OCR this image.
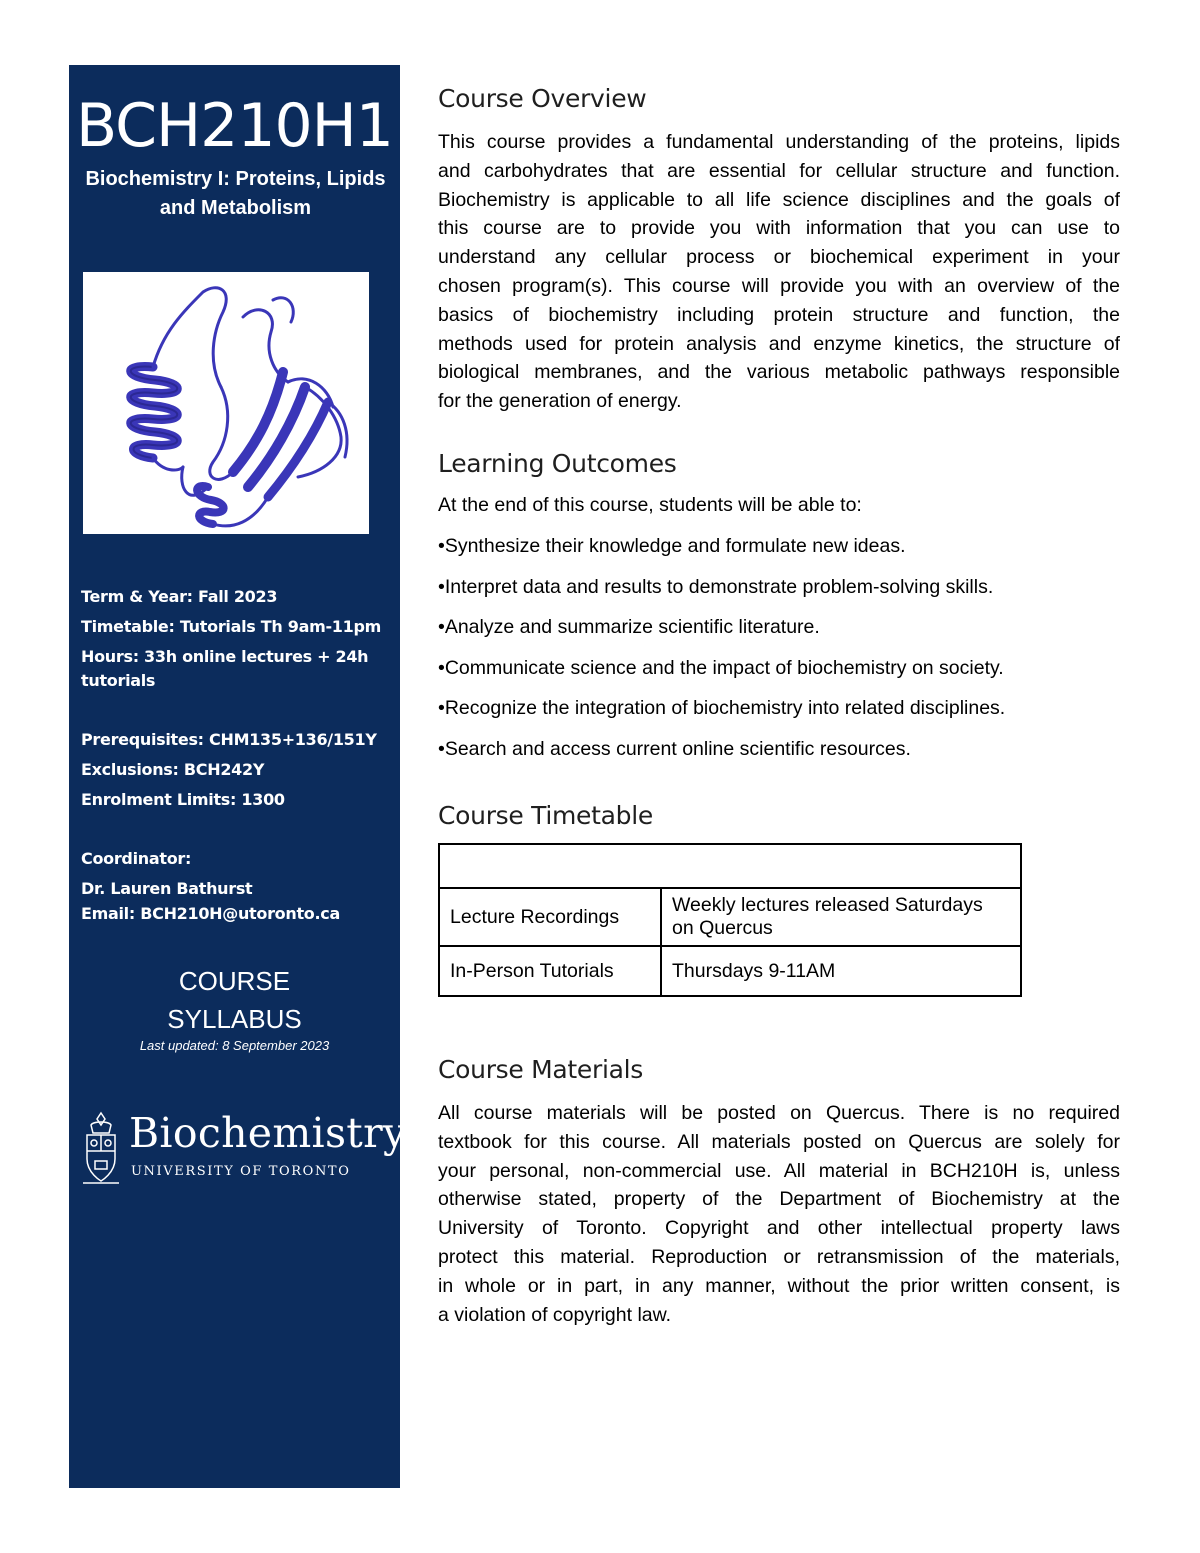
BCH210H1
Biochemistry I: Proteins, Lipids
and Metabolism
Term & Year: Fall 2023
Timetable: Tutorials Th 9am-11pm
Hours: 33h online lectures + 24h
tutorials
Prerequisites: CHM135+136/151Y
Exclusions: BCH242Y
Enrolment Limits: 1300
Coordinator:
Dr. Lauren Bathurst
Email: BCH210H@utoronto.ca
COURSE
SYLLABUS
Last updated: 8 September 2023
Biochemistry
UNIVERSITY OF TORONTO
Course Overview
This course provides a fundamental understanding of the proteins, lipids
and carbohydrates that are essential for cellular structure and function.
Biochemistry is applicable to all life science disciplines and the goals of
this course are to provide you with information that you can use to
understand any cellular process or biochemical experiment in your
chosen program(s). This course will provide you with an overview of the
basics of biochemistry including protein structure and function, the
methods used for protein analysis and enzyme kinetics, the structure of
biological membranes, and the various metabolic pathways responsible
for the generation of energy.
Learning Outcomes

At the end of this course, students will be able to:

•Synthesize their knowledge and formulate new ideas.

•Interpret data and results to demonstrate problem-solving skills.

•Analyze and summarize scientific literature.

•Communicate science and the impact of biochemistry on society.

•Recognize the integration of biochemistry into related disciplines.

•Search and access current online scientific resources.

Course Timetable

Lecture Recordings	Weekly lectures released Saturdays
on Quercus
In-Person Tutorials	Thursdays 9-11AM
Course Materials
All course materials will be posted on Quercus. There is no required
textbook for this course. All materials posted on Quercus are solely for
your personal, non-commercial use. All material in BCH210H is, unless
otherwise stated, property of the Department of Biochemistry at the
University of Toronto. Copyright and other intellectual property laws
protect this material. Reproduction or retransmission of the materials,
in whole or in part, in any manner, without the prior written consent, is
a violation of copyright law.
